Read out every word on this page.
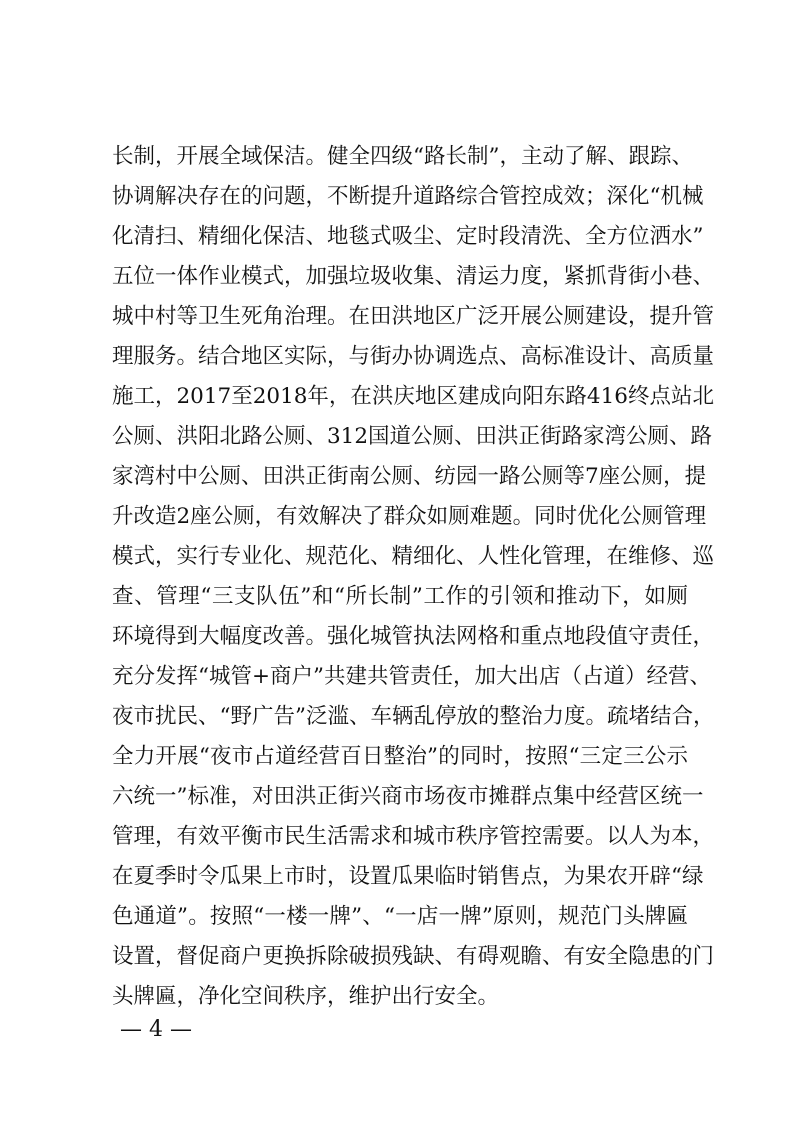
长制，开展全域保洁。健全四级“路长制”，主动了解、跟踪、
协调解决存在的问题，不断提升道路综合管控成效；深化“机械
化清扫、精细化保洁、地毯式吸尘、定时段清洗、全方位洒水”
五位一体作业模式，加强垃圾收集、清运力度，紧抓背街小巷、
城中村等卫生死角治理。在田洪地区广泛开展公厕建设，提升管
理服务。结合地区实际，与街办协调选点、高标准设计、高质量
施工，2017至2018年，在洪庆地区建成向阳东路416终点站北
公厕、洪阳北路公厕、312国道公厕、田洪正街路家湾公厕、路
家湾村中公厕、田洪正街南公厕、纺园一路公厕等7座公厕，提
升改造2座公厕，有效解决了群众如厕难题。同时优化公厕管理
模式，实行专业化、规范化、精细化、人性化管理，在维修、巡
查、管理“三支队伍”和“所长制”工作的引领和推动下，如厕
环境得到大幅度改善。强化城管执法网格和重点地段值守责任，
充分发挥“城管+商户”共建共管责任，加大出店（占道）经营、
夜市扰民、“野广告”泛滥、车辆乱停放的整治力度。疏堵结合，
全力开展“夜市占道经营百日整治”的同时，按照“三定三公示
六统一”标准，对田洪正街兴商市场夜市摊群点集中经营区统一
管理，有效平衡市民生活需求和城市秩序管控需要。以人为本，
在夏季时令瓜果上市时，设置瓜果临时销售点，为果农开辟“绿
色通道”。按照“一楼一牌”、“一店一牌”原则，规范门头牌匾
设置，督促商户更换拆除破损残缺、有碍观瞻、有安全隐患的门
头牌匾，净化空间秩序，维护出行安全。
— 4 —
